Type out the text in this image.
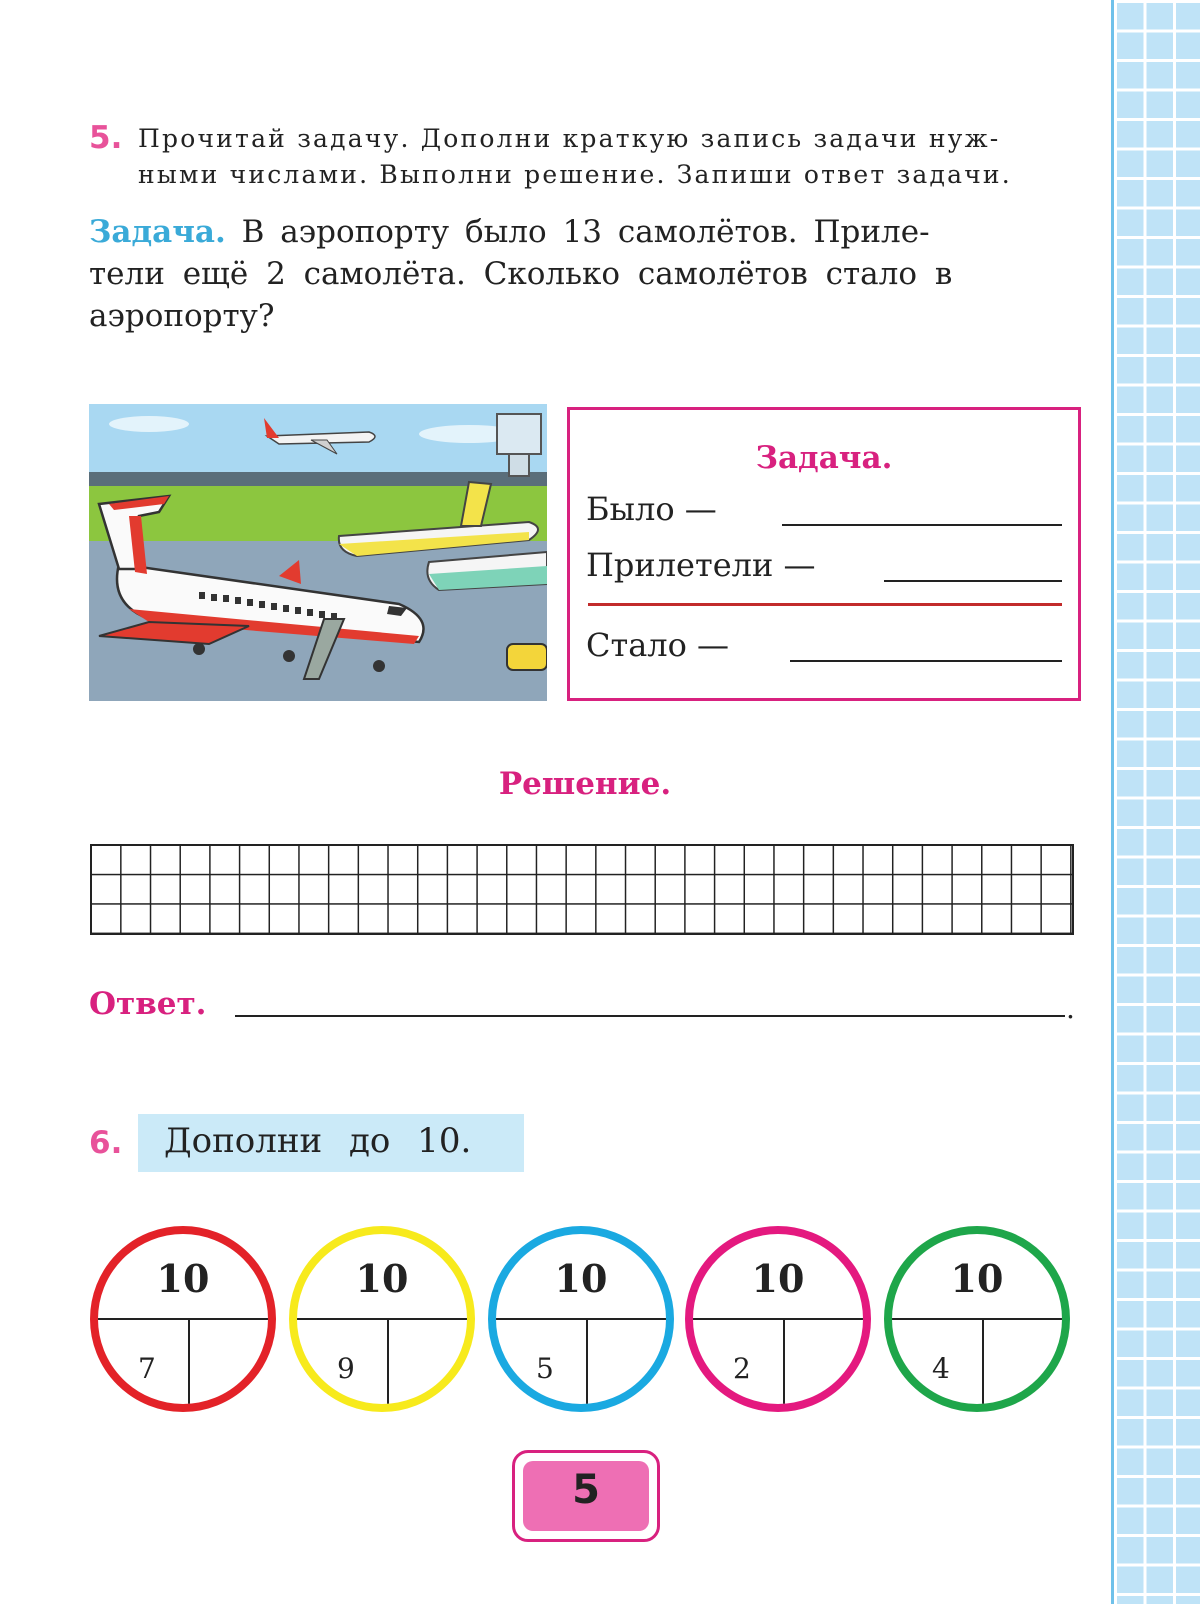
5. Прочитай задачу. Дополни краткую запись задачи нуж-
ными числами. Выполни решение. Запиши ответ задачи.
Задача. В аэропорту было 13 самолётов. Приле-
тели ещё 2 самолёта. Сколько самолётов стало в
аэропорту?
Задача.
Было —
Прилетели —
Стало —
Решение.
Ответ.	.
6. Дополни до 10.
10
7
10
9
10
5
10
2
10
4
5
